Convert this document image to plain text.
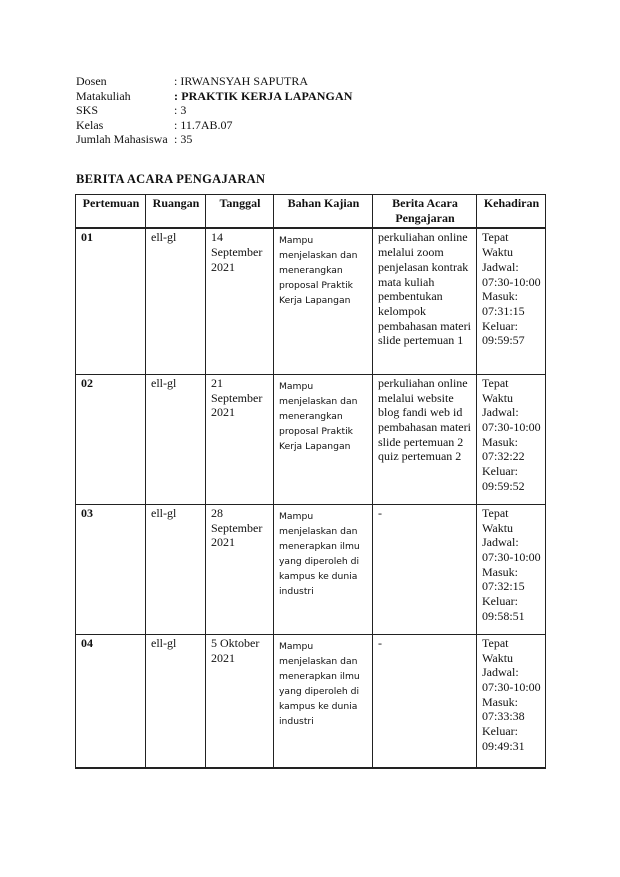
Dosen	: IRWANSYAH SAPUTRA
Matakuliah	: PRAKTIK KERJA LAPANGAN
SKS	: 3
Kelas	: 11.7AB.07
Jumlah Mahasiswa : 35
BERITA ACARA PENGAJARAN
Pertemuan	Ruangan	Tanggal	Bahan Kajian	Berita Acara Pengajaran	Kehadiran
01	ell-gl	14 September 2021	Mampu menjelaskan dan menerangkan proposal Praktik Kerja Lapangan	perkuliahan online melalui zoom penjelasan kontrak mata kuliah pembentukan kelompok pembahasan materi slide pertemuan 1	Tepat Waktu Jadwal: 07:30-10:00 Masuk: 07:31:15 Keluar: 09:59:57
02	ell-gl	21 September 2021	Mampu menjelaskan dan menerangkan proposal Praktik Kerja Lapangan	perkuliahan online melalui website blog fandi web id pembahasan materi slide pertemuan 2 quiz pertemuan 2	Tepat Waktu Jadwal: 07:30-10:00 Masuk: 07:32:22 Keluar: 09:59:52
03	ell-gl	28 September 2021	Mampu menjelaskan dan menerapkan ilmu yang diperoleh di kampus ke dunia industri	-	Tepat Waktu Jadwal: 07:30-10:00 Masuk: 07:32:15 Keluar: 09:58:51
04	ell-gl	5 Oktober 2021	Mampu menjelaskan dan menerapkan ilmu yang diperoleh di kampus ke dunia industri	-	Tepat Waktu Jadwal: 07:30-10:00 Masuk: 07:33:38 Keluar: 09:49:31
